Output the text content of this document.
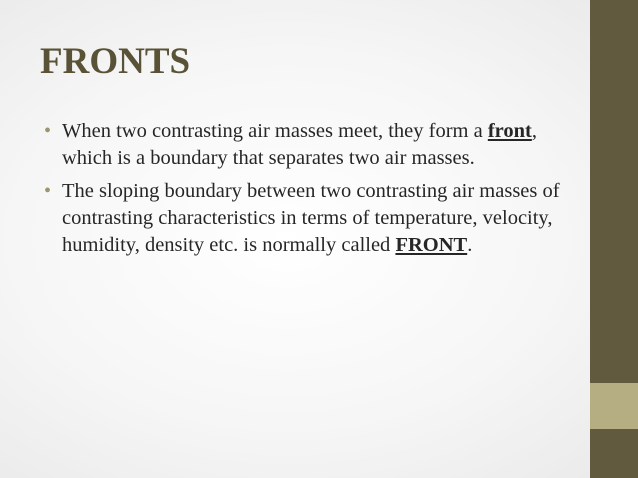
FRONTS
• When two contrasting air masses meet, they form a front, which is a boundary that separates two air masses.
• The sloping boundary between two contrasting air masses of contrasting characteristics in terms of temperature, velocity, humidity, density etc. is normally called FRONT.
